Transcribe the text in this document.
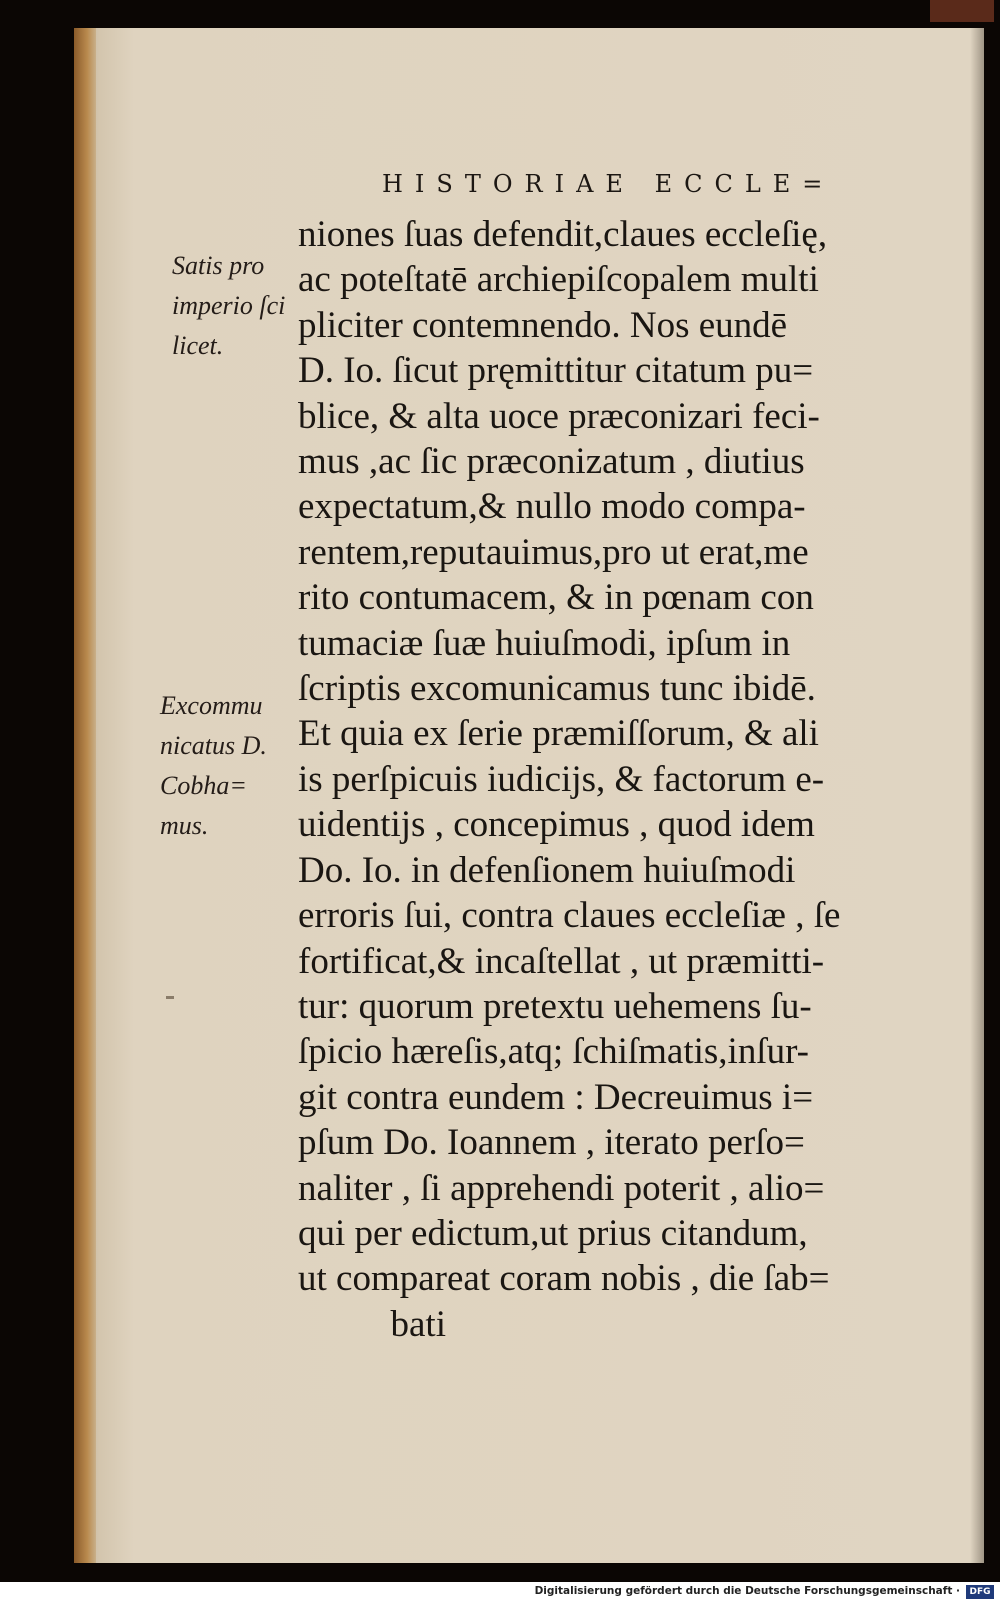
HISTORIAE ECCLE=
Satis pro
imperio ſci
licet.
Excommu
nicatus D.
Cobha=
mus.
niones ſuas defendit,claues eccleſię,
ac poteſtatē archiepiſcopalem multi
pliciter contemnendo. Nos eundē
D. Io. ſicut pręmittitur citatum pu=
blice, & alta uoce præconizari feci-
mus ,ac ſic præconizatum , diutius
expectatum,& nullo modo compa-
rentem,reputauimus,pro ut erat,me
rito contumacem, & in pœnam con
tumaciæ ſuæ huiuſmodi, ipſum in
ſcriptis excomunicamus tunc ibidē.
Et quia ex ſerie præmiſſorum, & ali
is perſpicuis iudicijs, & factorum e-
uidentijs , concepimus , quod idem
Do. Io. in defenſionem huiuſmodi
erroris ſui, contra claues eccleſiæ , ſe
fortificat,& incaſtellat , ut præmitti-
tur: quorum pretextu uehemens ſu-
ſpicio hæreſis,atq; ſchiſmatis,inſur-
git contra eundem : Decreuimus i=
pſum Do. Ioannem , iterato perſo=
naliter , ſi apprehendi poterit , alio=
qui per edictum,ut prius citandum,
ut compareat coram nobis , die ſab=
bati
Digitalisierung gefördert durch die Deutsche Forschungsgemeinschaft ·	DFG
